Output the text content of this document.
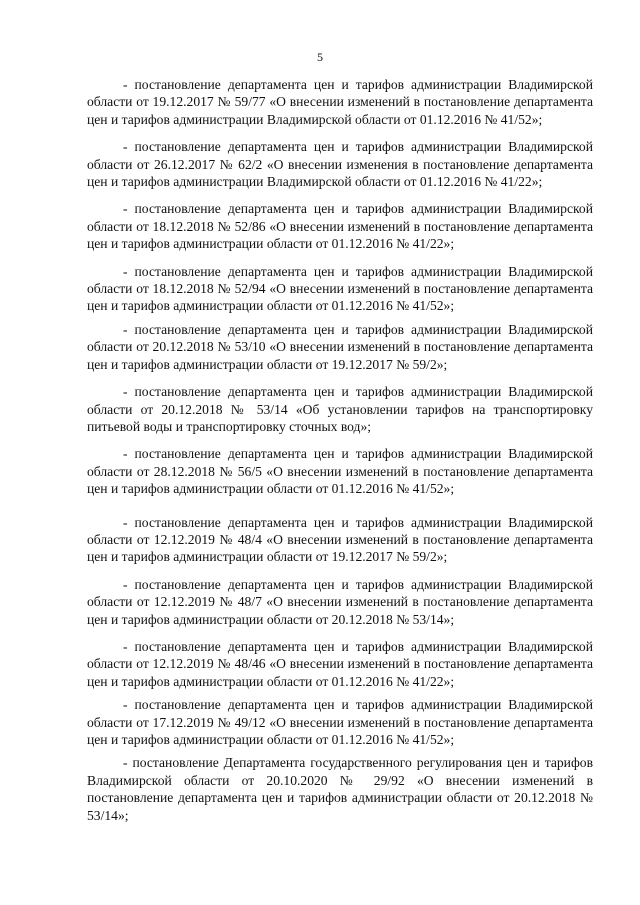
5

- постановление департамента цен и тарифов администрации Владимирской области от 19.12.2017 № 59/77 «О внесении изменений в постановление департамента цен и тарифов администрации Владимирской области от 01.12.2016 № 41/52»;

- постановление департамента цен и тарифов администрации Владимирской области от 26.12.2017 № 62/2 «О внесении изменения в постановление департамента цен и тарифов администрации Владимирской области от 01.12.2016 № 41/22»;

- постановление департамента цен и тарифов администрации Владимирской области от 18.12.2018 № 52/86 «О внесении изменений в постановление департамента цен и тарифов администрации области от 01.12.2016 № 41/22»;

- постановление департамента цен и тарифов администрации Владимирской области от 18.12.2018 № 52/94 «О внесении изменений в постановление департамента цен и тарифов администрации области от 01.12.2016 № 41/52»;

- постановление департамента цен и тарифов администрации Владимирской области от 20.12.2018 № 53/10 «О внесении изменений в постановление департамента цен и тарифов администрации области от 19.12.2017 № 59/2»;

- постановление департамента цен и тарифов администрации Владимирской области от 20.12.2018 № 53/14 «Об установлении тарифов на транспортировку питьевой воды и транспортировку сточных вод»;

- постановление департамента цен и тарифов администрации Владимирской области от 28.12.2018 № 56/5 «О внесении изменений в постановление департамента цен и тарифов администрации области от 01.12.2016 № 41/52»;

- постановление департамента цен и тарифов администрации Владимирской области от 12.12.2019 № 48/4 «О внесении изменений в постановление департамента цен и тарифов администрации области от 19.12.2017 № 59/2»;

- постановление департамента цен и тарифов администрации Владимирской области от 12.12.2019 № 48/7 «О внесении изменений в постановление департамента цен и тарифов администрации области от 20.12.2018 № 53/14»;

- постановление департамента цен и тарифов администрации Владимирской области от 12.12.2019 № 48/46 «О внесении изменений в постановление департамента цен и тарифов администрации области от 01.12.2016 № 41/22»;

- постановление департамента цен и тарифов администрации Владимирской области от 17.12.2019 № 49/12 «О внесении изменений в постановление департамента цен и тарифов администрации области от 01.12.2016 № 41/52»;

- постановление Департамента государственного регулирования цен и тарифов Владимирской области от 20.10.2020 № 29/92 «О внесении изменений в постановление департамента цен и тарифов администрации области от 20.12.2018 № 53/14»;
